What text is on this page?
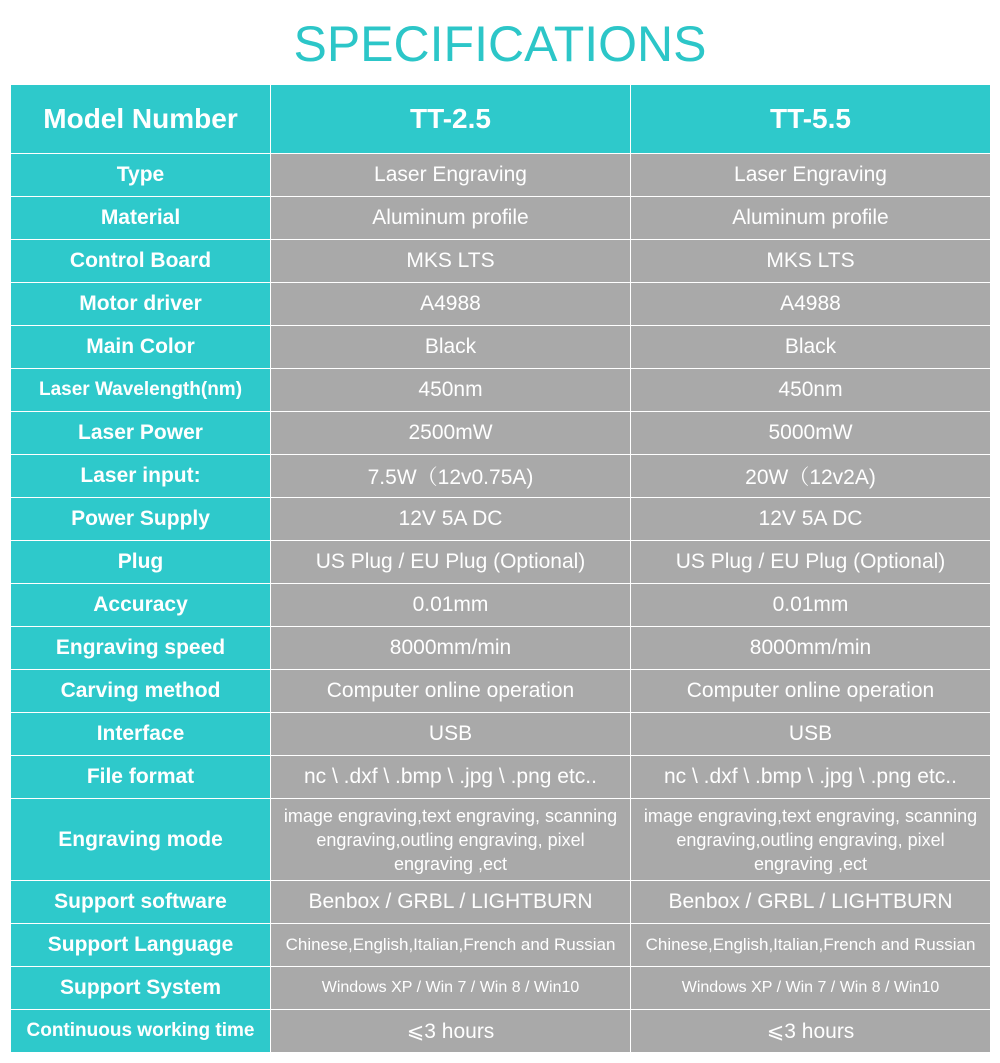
SPECIFICATIONS
Model Number	TT-2.5	TT-5.5
Type	Laser Engraving	Laser Engraving
Material	Aluminum profile	Aluminum profile
Control Board	MKS LTS	MKS LTS
Motor driver	A4988	A4988
Main Color	Black	Black
Laser Wavelength(nm)	450nm	450nm
Laser Power	2500mW	5000mW
Laser input:	7.5W（12v0.75A)	20W（12v2A)
Power Supply	12V 5A DC	12V 5A DC
Plug	US Plug / EU Plug (Optional)	US Plug / EU Plug (Optional)
Accuracy	0.01mm	0.01mm
Engraving speed	8000mm/min	8000mm/min
Carving method	Computer online operation	Computer online operation
Interface	USB	USB
File format	nc \ .dxf \ .bmp \ .jpg \ .png etc..	nc \ .dxf \ .bmp \ .jpg \ .png etc..
Engraving mode	image engraving,text engraving, scanning engraving,outling engraving, pixel engraving ,ect	image engraving,text engraving, scanning engraving,outling engraving, pixel engraving ,ect
Support software	Benbox / GRBL / LIGHTBURN	Benbox / GRBL / LIGHTBURN
Support Language	Chinese,English,Italian,French and Russian	Chinese,English,Italian,French and Russian
Support System	Windows XP / Win 7 / Win 8 / Win10	Windows XP / Win 7 / Win 8 / Win10
Continuous working time	⩽3 hours	⩽3 hours
